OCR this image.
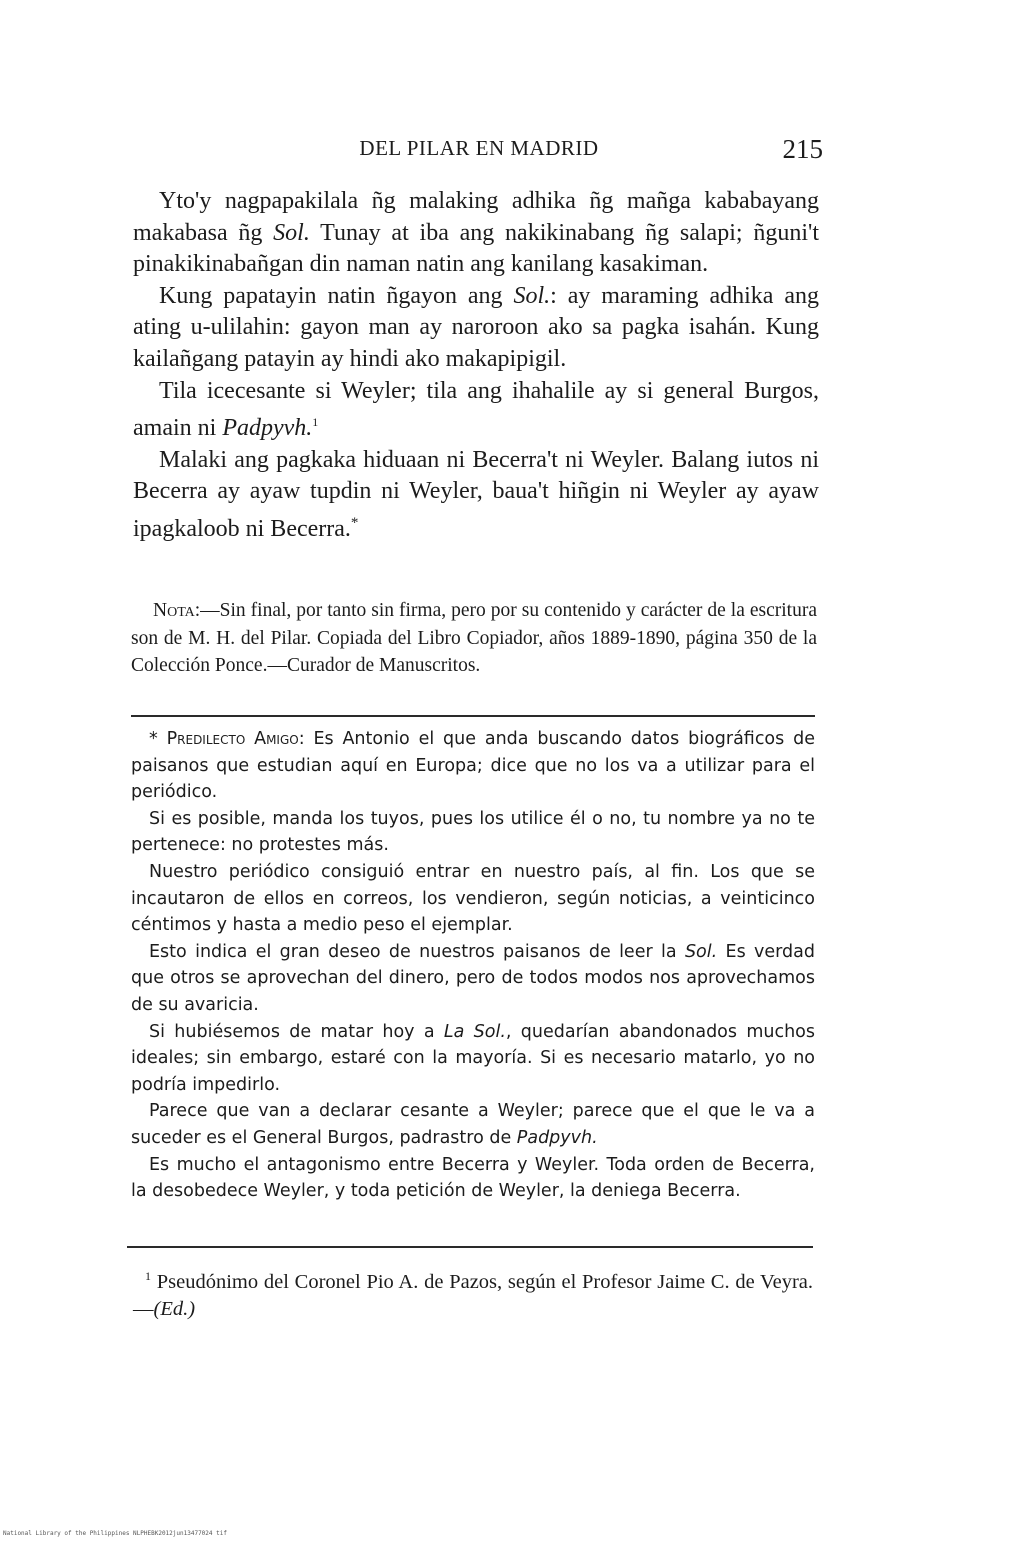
DEL PILAR EN MADRID	215

Yto'y nagpapakilala ñg malaking adhika ñg mañga kababayang makabasa ñg Sol. Tunay at iba ang nakikinabang ñg salapi; ñguni't pinakikinabañgan din naman natin ang kanilang kasakiman.

Kung papatayin natin ñgayon ang Sol.: ay maraming adhika ang ating u-ulilahin: gayon man ay naroroon ako sa pagka isahán. Kung kailañgang patayin ay hindi ako makapipigil.

Tila icecesante si Weyler; tila ang ihahalile ay si general Burgos, amain ni Padpyvh.$^1$

Malaki ang pagkaka hiduaan ni Becerra't ni Weyler. Balang iutos ni Becerra ay ayaw tupdin ni Weyler, baua't hiñgin ni Weyler ay ayaw ipagkaloob ni Becerra.*

Nota:—Sin final, por tanto sin firma, pero por su contenido y carácter de la escritura son de M. H. del Pilar. Copiada del Libro Copiador, años 1889-1890, página 350 de la Colección Ponce.—Curador de Manuscritos.

* Predilecto Amigo: Es Antonio el que anda buscando datos biográficos de paisanos que estudian aquí en Europa; dice que no los va a utilizar para el periódico.

Si es posible, manda los tuyos, pues los utilice él o no, tu nombre ya no te pertenece: no protestes más.

Nuestro periódico consiguió entrar en nuestro país, al fin. Los que se incautaron de ellos en correos, los vendieron, según noticias, a veinticinco céntimos y hasta a medio peso el ejemplar.

Esto indica el gran deseo de nuestros paisanos de leer la Sol. Es verdad que otros se aprovechan del dinero, pero de todos modos nos aprovechamos de su avaricia.

Si hubiésemos de matar hoy a La Sol., quedarían abandonados muchos ideales; sin embargo, estaré con la mayoría. Si es necesario matarlo, yo no podría impedirlo.

Parece que van a declarar cesante a Weyler; parece que el que le va a suceder es el General Burgos, padrastro de Padpyvh.

Es mucho el antagonismo entre Becerra y Weyler. Toda orden de Becerra, la desobedece Weyler, y toda petición de Weyler, la deniega Becerra.

$^1$ Pseudónimo del Coronel Pio A. de Pazos, según el Profesor Jaime C. de Veyra.—(Ed.)
National Library of the Philippines NLPHEBK2012jun13477024 tif
